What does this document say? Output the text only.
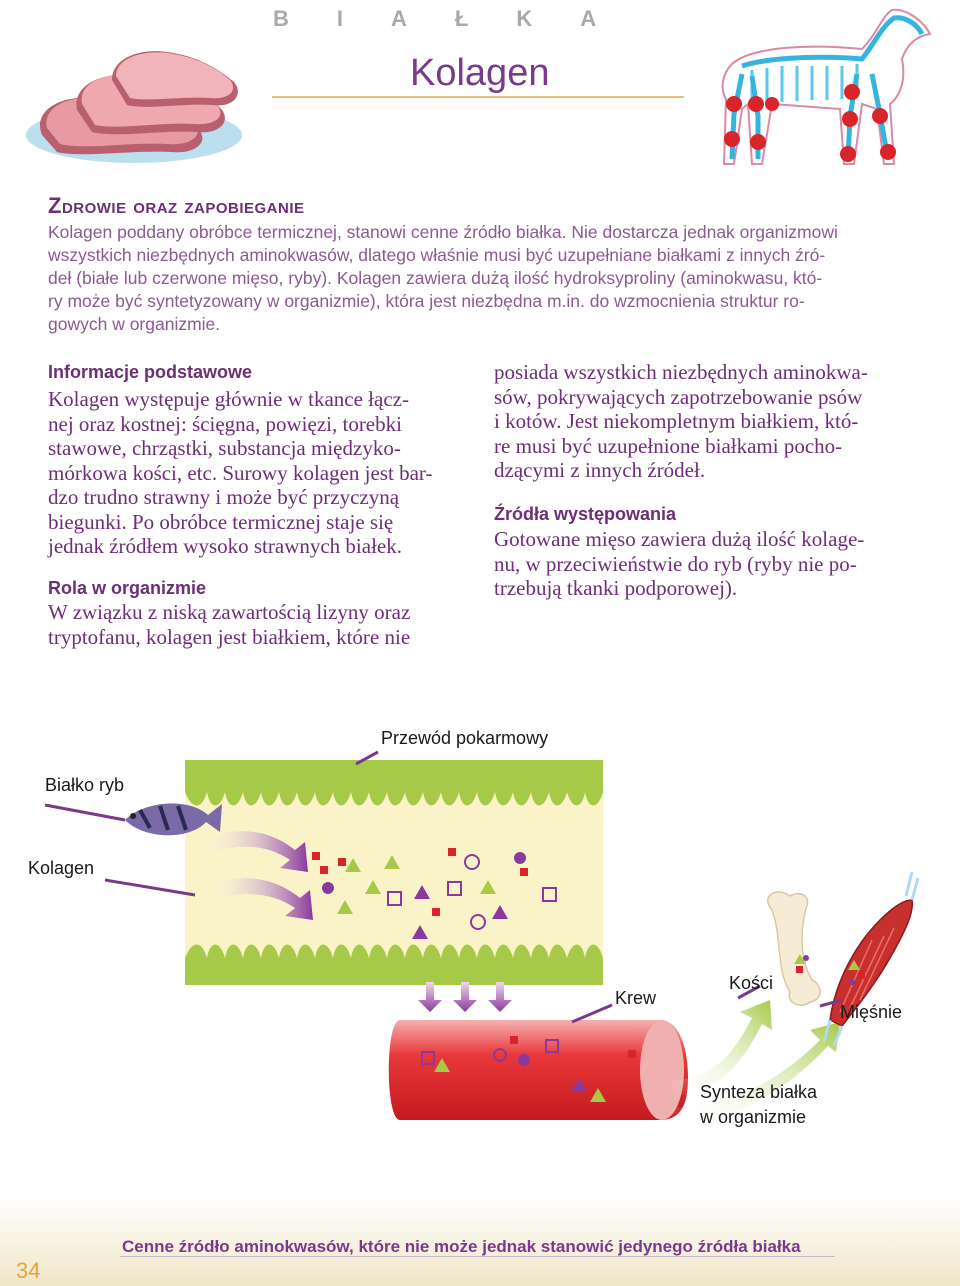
BIAŁKA
Kolagen
Zdrowie oraz zapobieganie
Kolagen poddany obróbce termicznej, stanowi cenne źródło białka. Nie dostarcza jednak organizmowi
wszystkich niezbędnych aminokwasów, dlatego właśnie musi być uzupełniane białkami z innych źró-
deł (białe lub czerwone mięso, ryby). Kolagen zawiera dużą ilość hydroksyproliny (aminokwasu, któ-
ry może być syntetyzowany w organizmie), która jest niezbędna m.in. do wzmocnienia struktur ro-
gowych w organizmie.
Informacje podstawowe
Kolagen występuje głównie w tkance łącz-
nej oraz kostnej: ścięgna, powięzi, torebki
stawowe, chrząstki, substancja międzyko-
mórkowa kości, etc. Surowy kolagen jest bar-
dzo trudno strawny i może być przyczyną
biegunki. Po obróbce termicznej staje się
jednak źródłem wysoko strawnych białek.
Rola w organizmie
W związku z niską zawartością lizyny oraz
tryptofanu, kolagen jest białkiem, które nie
posiada wszystkich niezbędnych aminokwa-
sów, pokrywających zapotrzebowanie psów
i kotów. Jest niekompletnym białkiem, któ-
re musi być uzupełnione białkami pocho-
dzącymi z innych źródeł.
Źródła występowania
Gotowane mięso zawiera dużą ilość kolage-
nu, w przeciwieństwie do ryb (ryby nie po-
trzebują tkanki podporowej).
Przewód pokarmowy
Białko ryb
Kolagen
Krew
Kości
Mięśnie
Synteza białka
w organizmie
Cenne źródło aminokwasów, które nie może jednak stanowić jedynego źródła białka
34
